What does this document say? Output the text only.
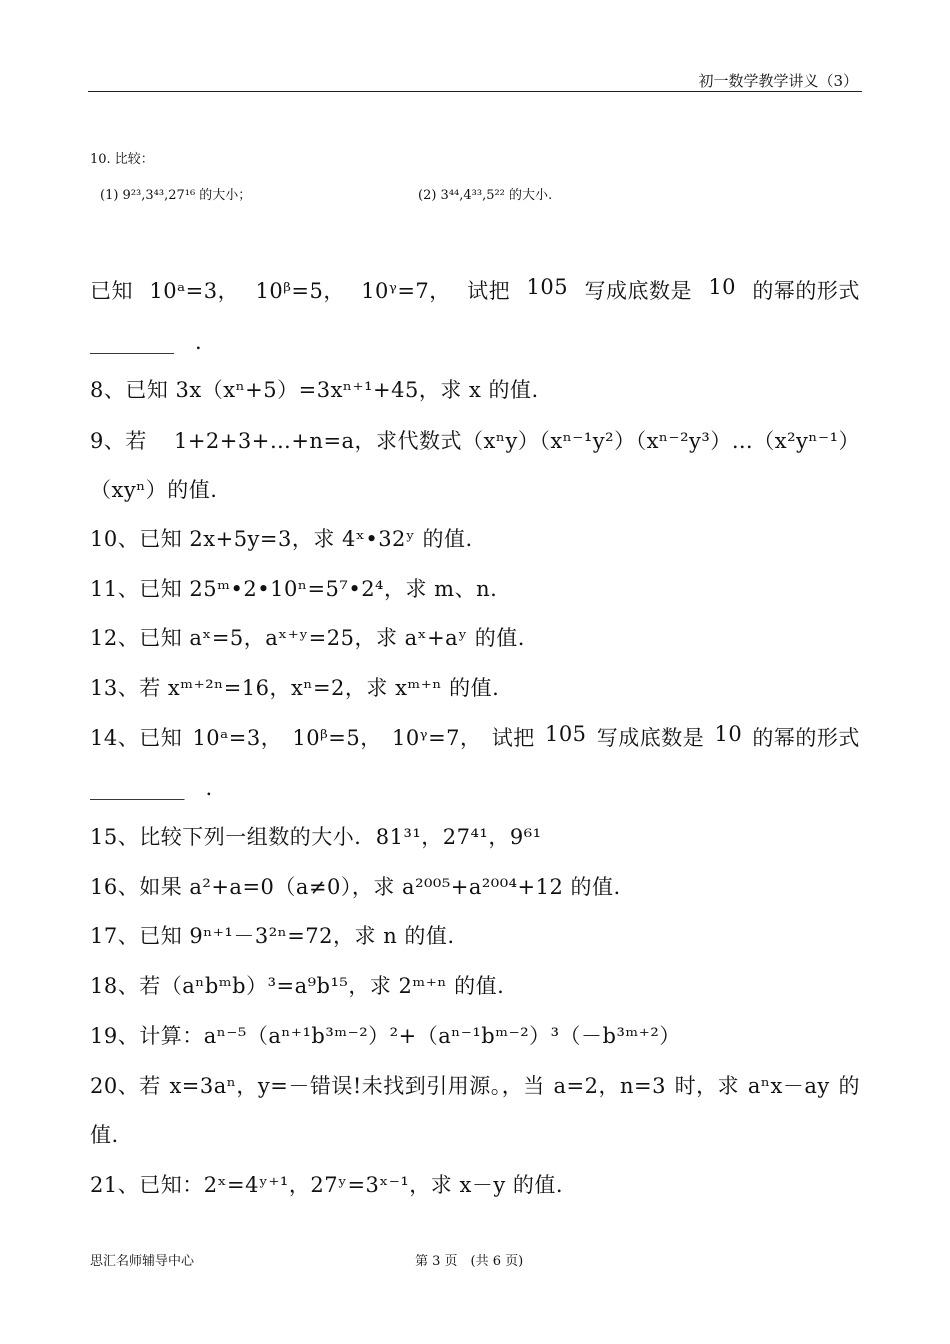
初一数学教学讲义（3）
10. 比较：
(1) 9²³,3⁴³,27¹⁶ 的大小；	(2) 3⁴⁴,4³³,5²² 的大小.
已知 10ᵃ=3， 10ᵝ=5， 10ᵞ=7， 试把 105 写成底数是 10 的幂的形式
________　.
8、已知 3x（xⁿ+5）=3xⁿ⁺¹+45，求 x 的值.
9、若 1+2+3+…+n=a，求代数式（xⁿy）（xⁿ⁻¹y²）（xⁿ⁻²y³）…（x²yⁿ⁻¹）
（xyⁿ）的值.
10、已知 2x+5y=3，求 4ˣ•32ʸ 的值.
11、已知 25ᵐ•2•10ⁿ=5⁷•2⁴，求 m、n.
12、已知 aˣ=5，aˣ⁺ʸ=25，求 aˣ+aʸ 的值.
13、若 xᵐ⁺²ⁿ=16，xⁿ=2，求 xᵐ⁺ⁿ 的值.
14、已知 10ᵃ=3， 10ᵝ=5， 10ᵞ=7， 试把 105 写成底数是 10 的幂的形式
_________　.
15、比较下列一组数的大小．81³¹，27⁴¹，9⁶¹
16、如果 a²+a=0（a≠0），求 a²⁰⁰⁵+a²⁰⁰⁴+12 的值.
17、已知 9ⁿ⁺¹－3²ⁿ=72，求 n 的值.
18、若（aⁿbᵐb）³=a⁹b¹⁵，求 2ᵐ⁺ⁿ 的值.
19、计算：aⁿ⁻⁵（aⁿ⁺¹b³ᵐ⁻²）²+（aⁿ⁻¹bᵐ⁻²）³（－b³ᵐ⁺²）
20、若 x=3aⁿ，y=－错误!未找到引用源。，当 a=2，n=3 时，求 aⁿx－ay 的
值.
21、已知：2ˣ=4ʸ⁺¹，27ʸ=3ˣ⁻¹，求 x－y 的值.
思汇名师辅导中心	第 3 页　(共 6 页)
